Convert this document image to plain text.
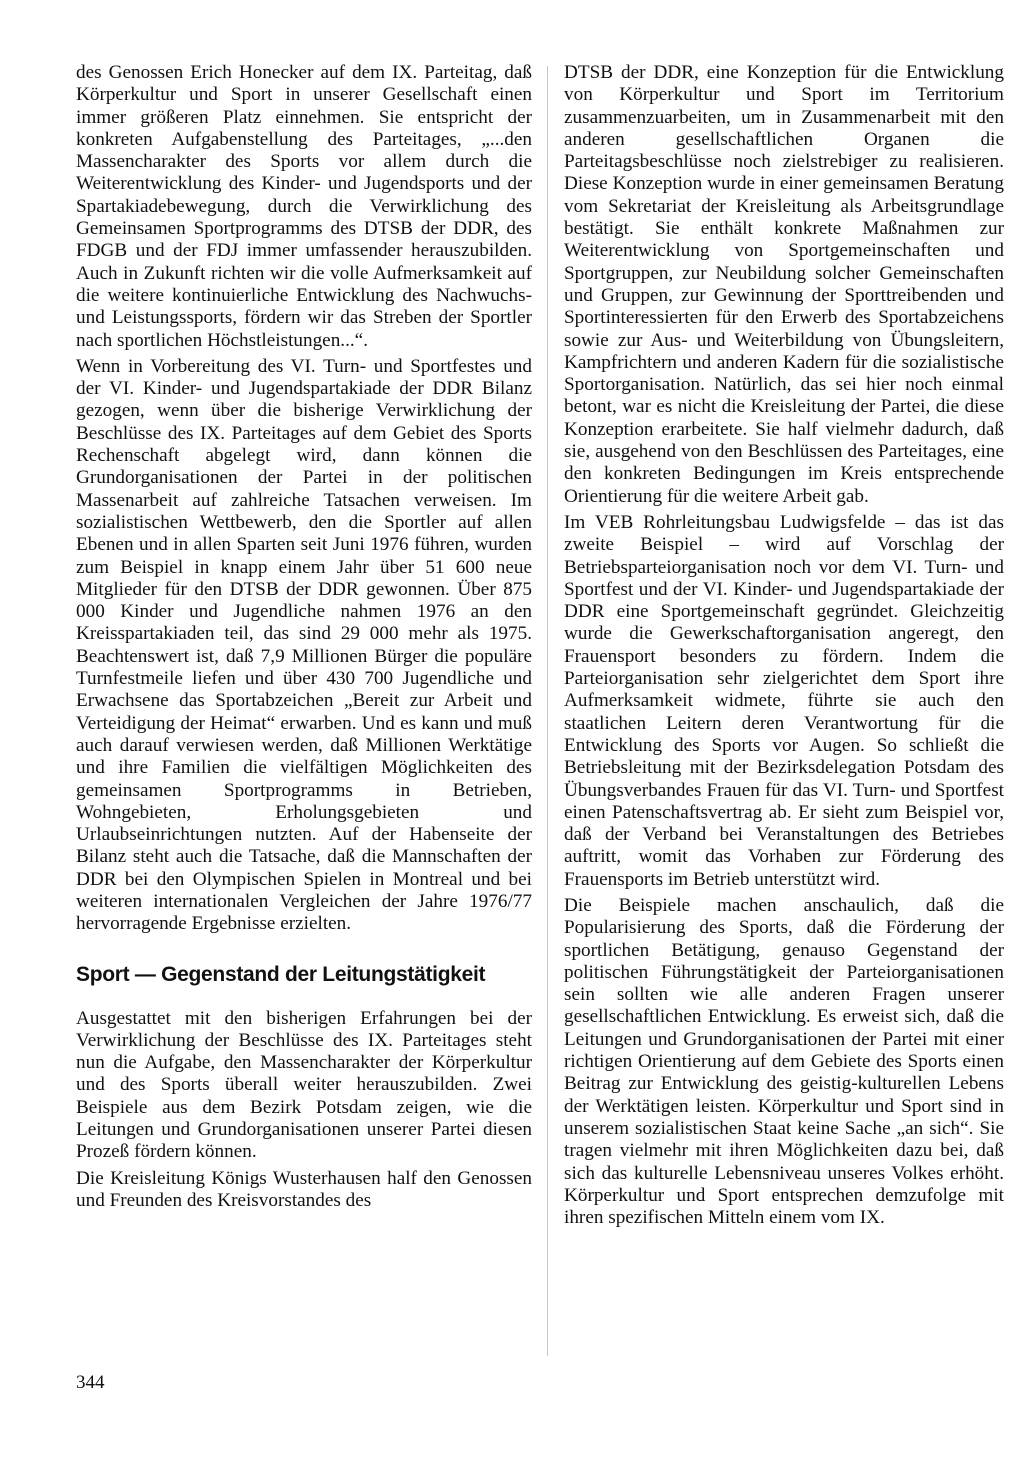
des Genossen Erich Honecker auf dem IX. Parteitag, daß Körperkultur und Sport in unserer Gesellschaft einen immer größeren Platz einnehmen. Sie entspricht der konkreten Aufgabenstellung des Parteitages, „...den Massencharakter des Sports vor allem durch die Weiterentwicklung des Kinder- und Jugendsports und der Spartakiadebewegung, durch die Verwirklichung des Gemeinsamen Sportprogramms des DTSB der DDR, des FDGB und der FDJ immer umfassender herauszubilden. Auch in Zukunft richten wir die volle Aufmerksamkeit auf die weitere kontinuierliche Entwicklung des Nachwuchs- und Leistungssports, fördern wir das Streben der Sportler nach sportlichen Höchstleistungen...“.

Wenn in Vorbereitung des VI. Turn- und Sportfestes und der VI. Kinder- und Jugendspartakiade der DDR Bilanz gezogen, wenn über die bisherige Verwirklichung der Beschlüsse des IX. Parteitages auf dem Gebiet des Sports Rechenschaft abgelegt wird, dann können die Grundorganisationen der Partei in der politischen Massenarbeit auf zahlreiche Tatsachen verweisen. Im sozialistischen Wettbewerb, den die Sportler auf allen Ebenen und in allen Sparten seit Juni 1976 führen, wurden zum Beispiel in knapp einem Jahr über 51 600 neue Mitglieder für den DTSB der DDR gewonnen. Über 875 000 Kinder und Jugendliche nahmen 1976 an den Kreisspartakiaden teil, das sind 29 000 mehr als 1975. Beachtenswert ist, daß 7,9 Millionen Bürger die populäre Turnfestmeile liefen und über 430 700 Jugendliche und Erwachsene das Sportabzeichen „Bereit zur Arbeit und Verteidigung der Heimat“ erwarben. Und es kann und muß auch darauf verwiesen werden, daß Millionen Werktätige und ihre Familien die vielfältigen Möglichkeiten des gemeinsamen Sportprogramms in Betrieben, Wohngebieten, Erholungsgebieten und Urlaubseinrichtungen nutzten. Auf der Habenseite der Bilanz steht auch die Tatsache, daß die Mannschaften der DDR bei den Olympischen Spielen in Montreal und bei weiteren internationalen Vergleichen der Jahre 1976/77 hervorragende Ergebnisse erzielten.

Sport — Gegenstand der Leitungstätigkeit

Ausgestattet mit den bisherigen Erfahrungen bei der Verwirklichung der Beschlüsse des IX. Parteitages steht nun die Aufgabe, den Massencharakter der Körperkultur und des Sports überall weiter herauszubilden. Zwei Beispiele aus dem Bezirk Potsdam zeigen, wie die Leitungen und Grundorganisationen unserer Partei diesen Prozeß fördern können.

Die Kreisleitung Königs Wusterhausen half den Genossen und Freunden des Kreisvorstandes des

DTSB der DDR, eine Konzeption für die Entwicklung von Körperkultur und Sport im Territorium zusammenzuarbeiten, um in Zusammenarbeit mit den anderen gesellschaftlichen Organen die Parteitagsbeschlüsse noch zielstrebiger zu realisieren. Diese Konzeption wurde in einer gemeinsamen Beratung vom Sekretariat der Kreisleitung als Arbeitsgrundlage bestätigt. Sie enthält konkrete Maßnahmen zur Weiterentwicklung von Sportgemeinschaften und Sportgruppen, zur Neubildung solcher Gemeinschaften und Gruppen, zur Gewinnung der Sporttreibenden und Sportinteressierten für den Erwerb des Sportabzeichens sowie zur Aus- und Weiterbildung von Übungsleitern, Kampfrichtern und anderen Kadern für die sozialistische Sportorganisation. Natürlich, das sei hier noch einmal betont, war es nicht die Kreisleitung der Partei, die diese Konzeption erarbeitete. Sie half vielmehr dadurch, daß sie, ausgehend von den Beschlüssen des Parteitages, eine den konkreten Bedingungen im Kreis entsprechende Orientierung für die weitere Arbeit gab.

Im VEB Rohrleitungsbau Ludwigsfelde – das ist das zweite Beispiel – wird auf Vorschlag der Betriebsparteiorganisation noch vor dem VI. Turn- und Sportfest und der VI. Kinder- und Jugendspartakiade der DDR eine Sportgemeinschaft gegründet. Gleichzeitig wurde die Gewerkschaftorganisation angeregt, den Frauensport besonders zu fördern. Indem die Parteiorganisation sehr zielgerichtet dem Sport ihre Aufmerksamkeit widmete, führte sie auch den staatlichen Leitern deren Verantwortung für die Entwicklung des Sports vor Augen. So schließt die Betriebsleitung mit der Bezirksdelegation Potsdam des Übungsverbandes Frauen für das VI. Turn- und Sportfest einen Patenschaftsvertrag ab. Er sieht zum Beispiel vor, daß der Verband bei Veranstaltungen des Betriebes auftritt, womit das Vorhaben zur Förderung des Frauensports im Betrieb unterstützt wird.

Die Beispiele machen anschaulich, daß die Popularisierung des Sports, daß die Förderung der sportlichen Betätigung, genauso Gegenstand der politischen Führungstätigkeit der Parteiorganisationen sein sollten wie alle anderen Fragen unserer gesellschaftlichen Entwicklung. Es erweist sich, daß die Leitungen und Grundorganisationen der Partei mit einer richtigen Orientierung auf dem Gebiete des Sports einen Beitrag zur Entwicklung des geistig-kulturellen Lebens der Werktätigen leisten. Körperkultur und Sport sind in unserem sozialistischen Staat keine Sache „an sich“. Sie tragen vielmehr mit ihren Möglichkeiten dazu bei, daß sich das kulturelle Lebensniveau unseres Volkes erhöht. Körperkultur und Sport entsprechen demzufolge mit ihren spezifischen Mitteln einem vom IX.

344
